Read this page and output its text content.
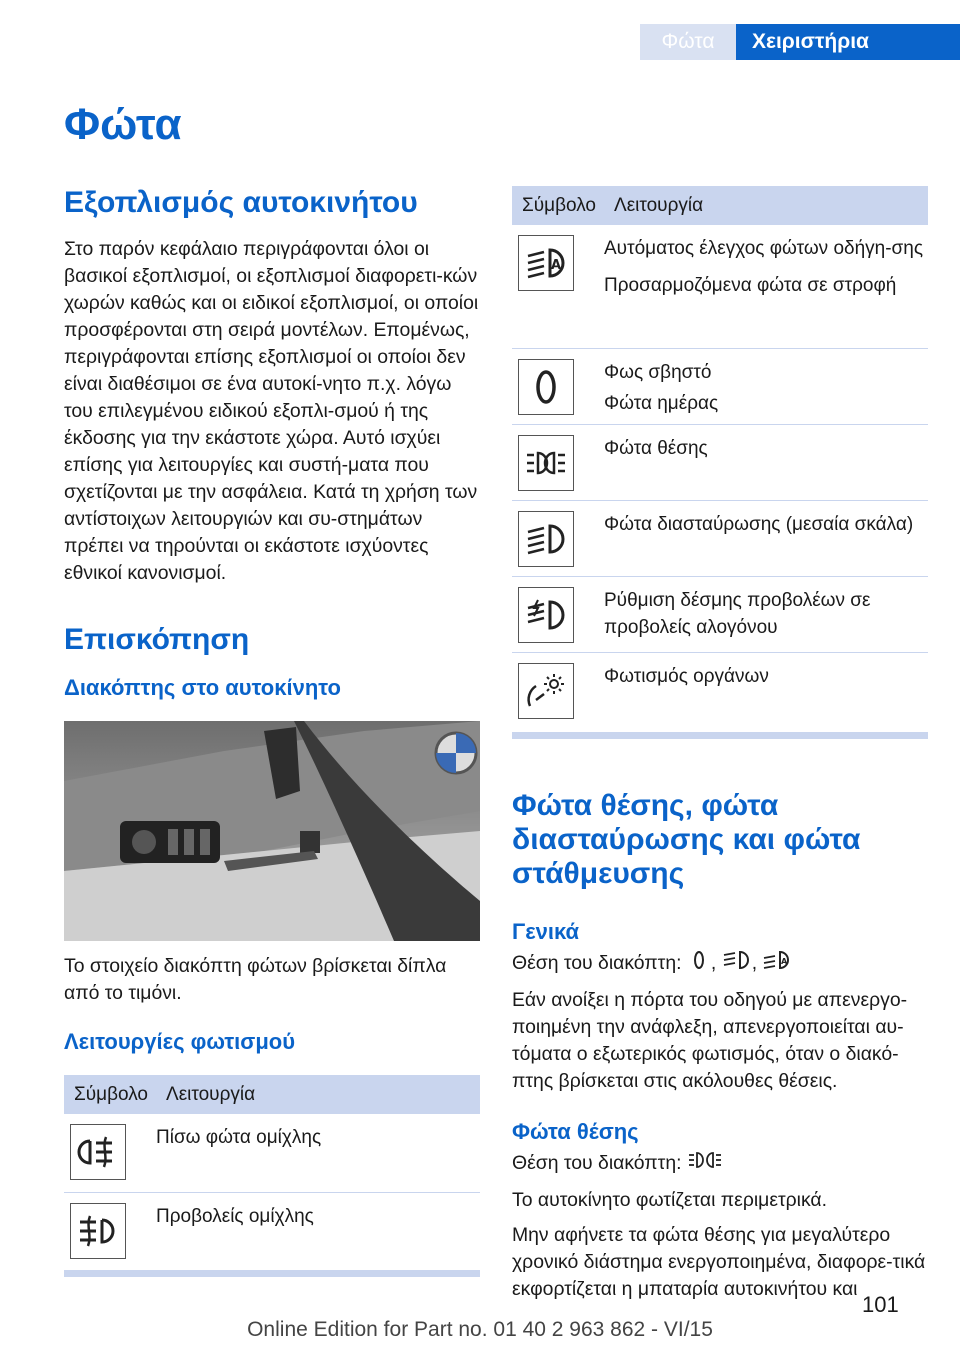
Φώτα	Χειριστήρια
Φώτα
Εξοπλισμός αυτοκινήτου

Στο παρόν κεφάλαιο περιγράφονται όλοι οι βασικοί εξοπλισμοί, οι εξοπλισμοί διαφορετι‐κών χωρών καθώς και οι ειδικοί εξοπλισμοί, οι οποίοι προσφέρονται στη σειρά μοντέλων. Επομένως, περιγράφονται επίσης εξοπλισμοί οι οποίοι δεν είναι διαθέσιμοι σε ένα αυτοκί‐νητο π.χ. λόγω του επιλεγμένου ειδικού εξοπλι‐σμού ή της έκδοσης για την εκάστοτε χώρα. Αυτό ισχύει επίσης για λειτουργίες και συστή‐ματα που σχετίζονται με την ασφάλεια. Κατά τη χρήση των αντίστοιχων λειτουργιών και συ‐στημάτων πρέπει να τηρούνται οι εκάστοτε ισχύοντες εθνικοί κανονισμοί.

Επισκόπηση
Διακόπτης στο αυτοκίνητο

Το στοιχείο διακόπτη φώτων βρίσκεται δίπλα από το τιμόνι.

Λειτουργίες φωτισμού
Σύμβολο	Λειτουργία

Πίσω φώτα ομίχλης

Προβολείς ομίχλης
Σύμβολο	Λειτουργία

A	Αυτόματος έλεγχος φώτων οδήγη‐σης
Προσαρμοζόμενα φώτα σε στροφή

Φως σβηστό
Φώτα ημέρας

Φώτα θέσης

Φώτα διασταύρωσης (μεσαία σκάλα)

Ρύθμιση δέσμης προβολέων σε προβολείς αλογόνου

Φωτισμός οργάνων
Φώτα θέσης, φώτα διασταύρωσης και φώτα στάθμευσης
Γενικά
Θέση του διακόπτη: , ,	A

Εάν ανοίξει η πόρτα του οδηγού με απενεργο‐ποιημένη την ανάφλεξη, απενεργοποιείται αυ‐τόματα ο εξωτερικός φωτισμός, όταν ο διακό‐πτης βρίσκεται στις ακόλουθες θέσεις.

Φώτα θέσης
Θέση του διακόπτη:

Το αυτοκίνητο φωτίζεται περιμετρικά.

Μην αφήνετε τα φώτα θέσης για μεγαλύτερο χρονικό διάστημα ενεργοποιημένα, διαφορε‐τικά εκφορτίζεται η μπαταρία αυτοκινήτου και

101
Online Edition for Part no. 01 40 2 963 862 - VI/15
